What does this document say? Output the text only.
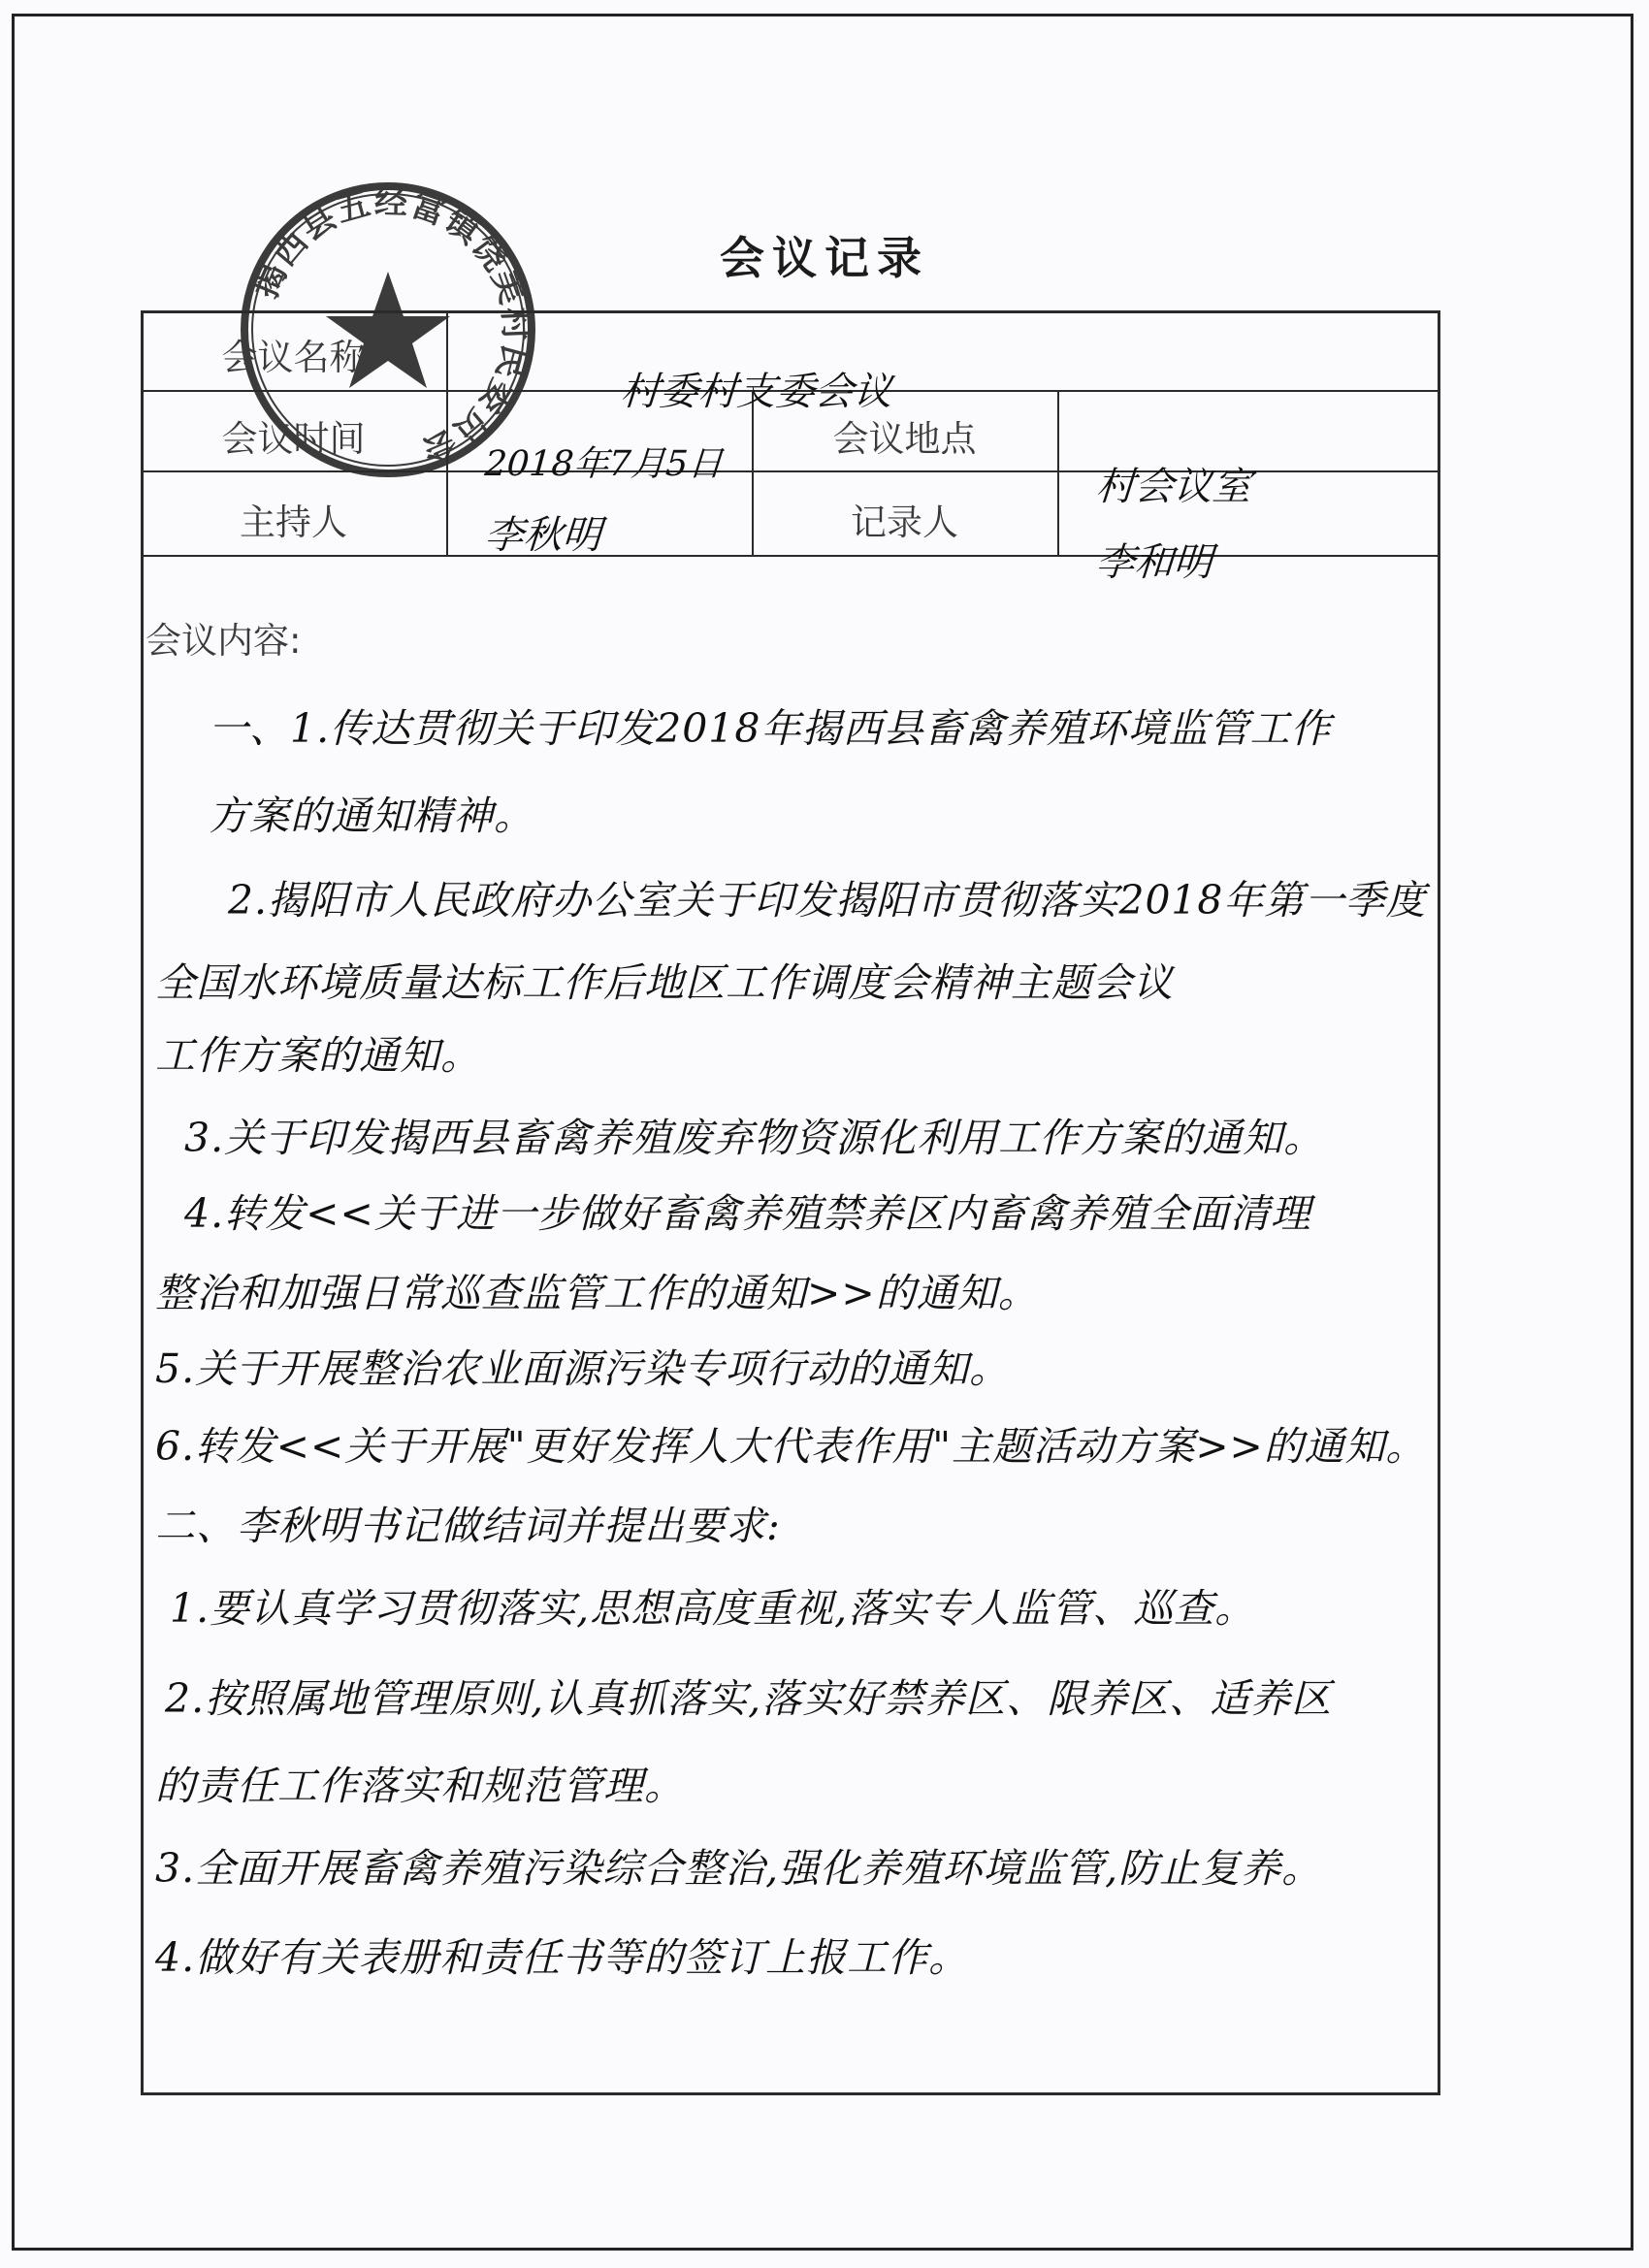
揭西县五经富镇饶美村民委员会
会议记录
会议名称
会议时间	会议地点
主持人	记录人
村委村支委会议
2018年7月5日
村会议室
李秋明
李和明
会议内容:
一、1.传达贯彻关于印发2018年揭西县畜禽养殖环境监管工作
方案的通知精神。
2.揭阳市人民政府办公室关于印发揭阳市贯彻落实2018年第一季度
全国水环境质量达标工作后地区工作调度会精神主题会议
工作方案的通知。
3.关于印发揭西县畜禽养殖废弃物资源化利用工作方案的通知。
4.转发<<关于进一步做好畜禽养殖禁养区内畜禽养殖全面清理
整治和加强日常巡查监管工作的通知>>的通知。
5.关于开展整治农业面源污染专项行动的通知。
6.转发<<关于开展"更好发挥人大代表作用"主题活动方案>>的通知。
二、李秋明书记做结词并提出要求:
1.要认真学习贯彻落实,思想高度重视,落实专人监管、巡查。
2.按照属地管理原则,认真抓落实,落实好禁养区、限养区、适养区
的责任工作落实和规范管理。
3.全面开展畜禽养殖污染综合整治,强化养殖环境监管,防止复养。
4.做好有关表册和责任书等的签订上报工作。
